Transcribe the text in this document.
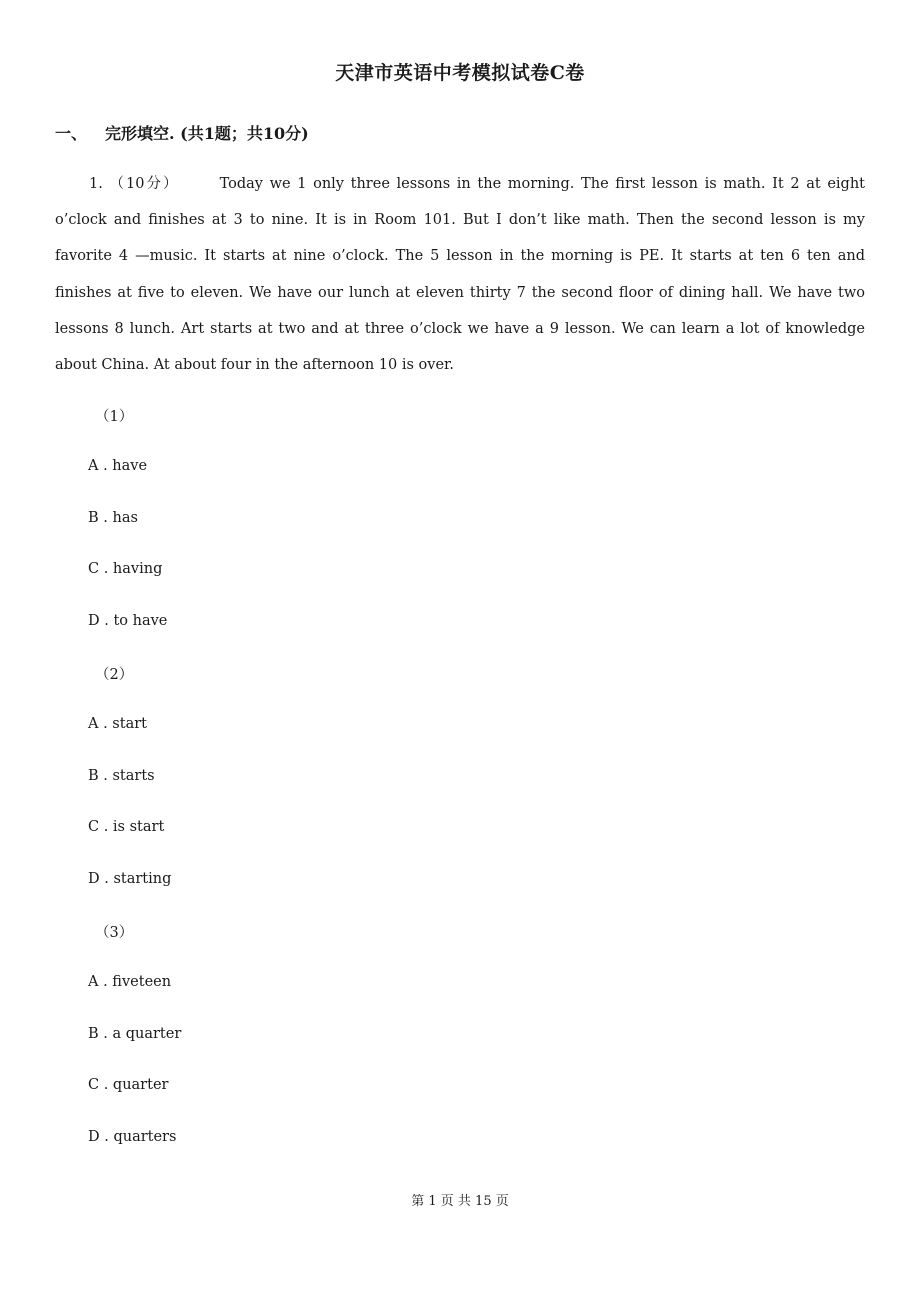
天津市英语中考模拟试卷C卷
一、 完形填空. (共1题；共10分)
1. （10分）	Today we 1 only three lessons in the morning. The first lesson is math. It 2 at eight o’clock and finishes at 3 to nine. It is in Room 101. But I don’t like math. Then the second lesson is my favorite 4 —music. It starts at nine o’clock. The 5 lesson in the morning is PE. It starts at ten 6 ten and finishes at five to eleven. We have our lunch at eleven thirty 7 the second floor of dining hall. We have two lessons 8 lunch. Art starts at two and at three o’clock we have a 9 lesson. We can learn a lot of knowledge about China. At about four in the afternoon 10 is over.
（1）
A . have
B . has
C . having
D . to have
（2）
A . start
B . starts
C . is start
D . starting
（3）
A . fiveteen
B . a quarter
C . quarter
D . quarters
第 1 页 共 15 页
